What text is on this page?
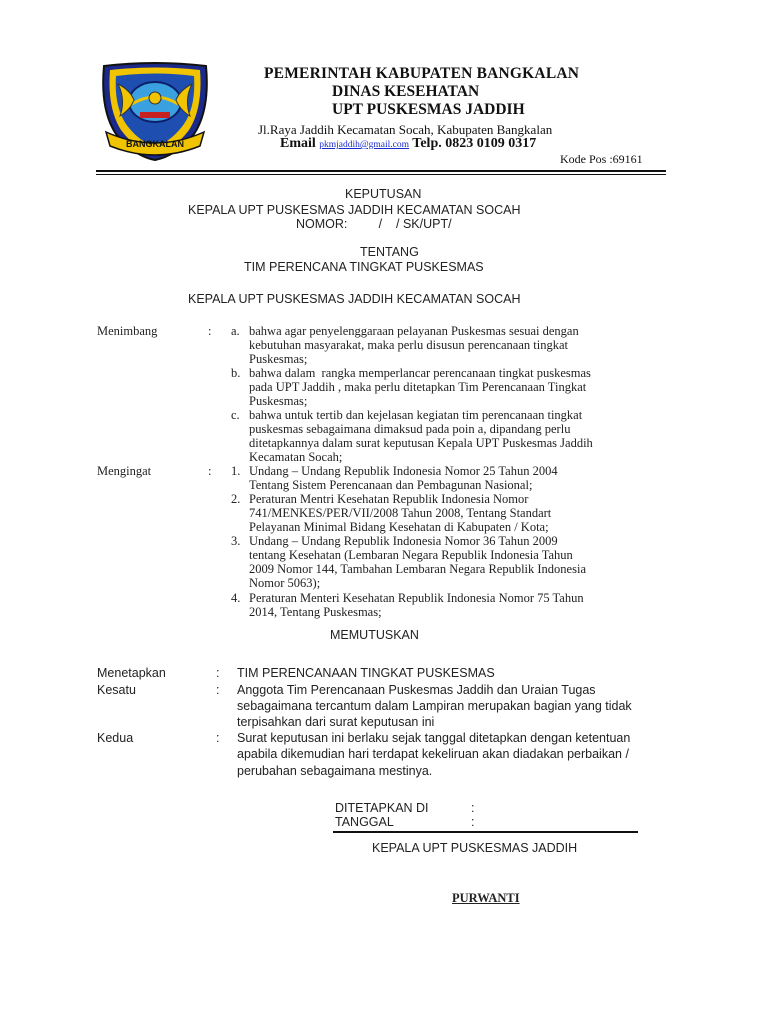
BANGKALAN
PEMERINTAH KABUPATEN BANGKALAN
DINAS KESEHATAN
UPT PUSKESMAS JADDIH
Jl.Raya Jaddih Kecamatan Socah, Kabupaten Bangkalan
Email pkmjaddih@gmail.com Telp. 0823 0109 0317
Kode Pos :69161
KEPUTUSAN
KEPALA UPT PUSKESMAS JADDIH KECAMATAN SOCAH
NOMOR:         /    / SK/UPT/
TENTANG
TIM PERENCANA TINGKAT PUSKESMAS
KEPALA UPT PUSKESMAS JADDIH KECAMATAN SOCAH
Menimbang	: a. bahwa agar penyelenggaraan pelayanan Puskesmas sesuai dengan
kebutuhan masyarakat, maka perlu disusun perencanaan tingkat
Puskesmas;
b. bahwa dalam  rangka memperlancar perencanaan tingkat puskesmas
pada UPT Jaddih , maka perlu ditetapkan Tim Perencanaan Tingkat
Puskesmas;
c. bahwa untuk tertib dan kejelasan kegiatan tim perencanaan tingkat
puskesmas sebagaimana dimaksud pada poin a, dipandang perlu
ditetapkannya dalam surat keputusan Kepala UPT Puskesmas Jaddih
Kecamatan Socah;
Mengingat	: 1. Undang – Undang Republik Indonesia Nomor 25 Tahun 2004
Tentang Sistem Perencanaan dan Pembagunan Nasional;
2. Peraturan Mentri Kesehatan Republik Indonesia Nomor
741/MENKES/PER/VII/2008 Tahun 2008, Tentang Standart
Pelayanan Minimal Bidang Kesehatan di Kabupaten / Kota;
3. Undang – Undang Republik Indonesia Nomor 36 Tahun 2009
tentang Kesehatan (Lembaran Negara Republik Indonesia Tahun
2009 Nomor 144, Tambahan Lembaran Negara Republik Indonesia
Nomor 5063);
4. Peraturan Menteri Kesehatan Republik Indonesia Nomor 75 Tahun
2014, Tentang Puskesmas;
MEMUTUSKAN
Menetapkan	: TIM PERENCANAAN TINGKAT PUSKESMAS
Kesatu	: Anggota Tim Perencanaan Puskesmas Jaddih dan Uraian Tugas
sebagaimana tercantum dalam Lampiran merupakan bagian yang tidak
terpisahkan dari surat keputusan ini
Kedua	: Surat keputusan ini berlaku sejak tanggal ditetapkan dengan ketentuan
apabila dikemudian hari terdapat kekeliruan akan diadakan perbaikan /
perubahan sebagaimana mestinya.
DITETAPKAN DI	:
TANGGAL	:
KEPALA UPT PUSKESMAS JADDIH
PURWANTI
